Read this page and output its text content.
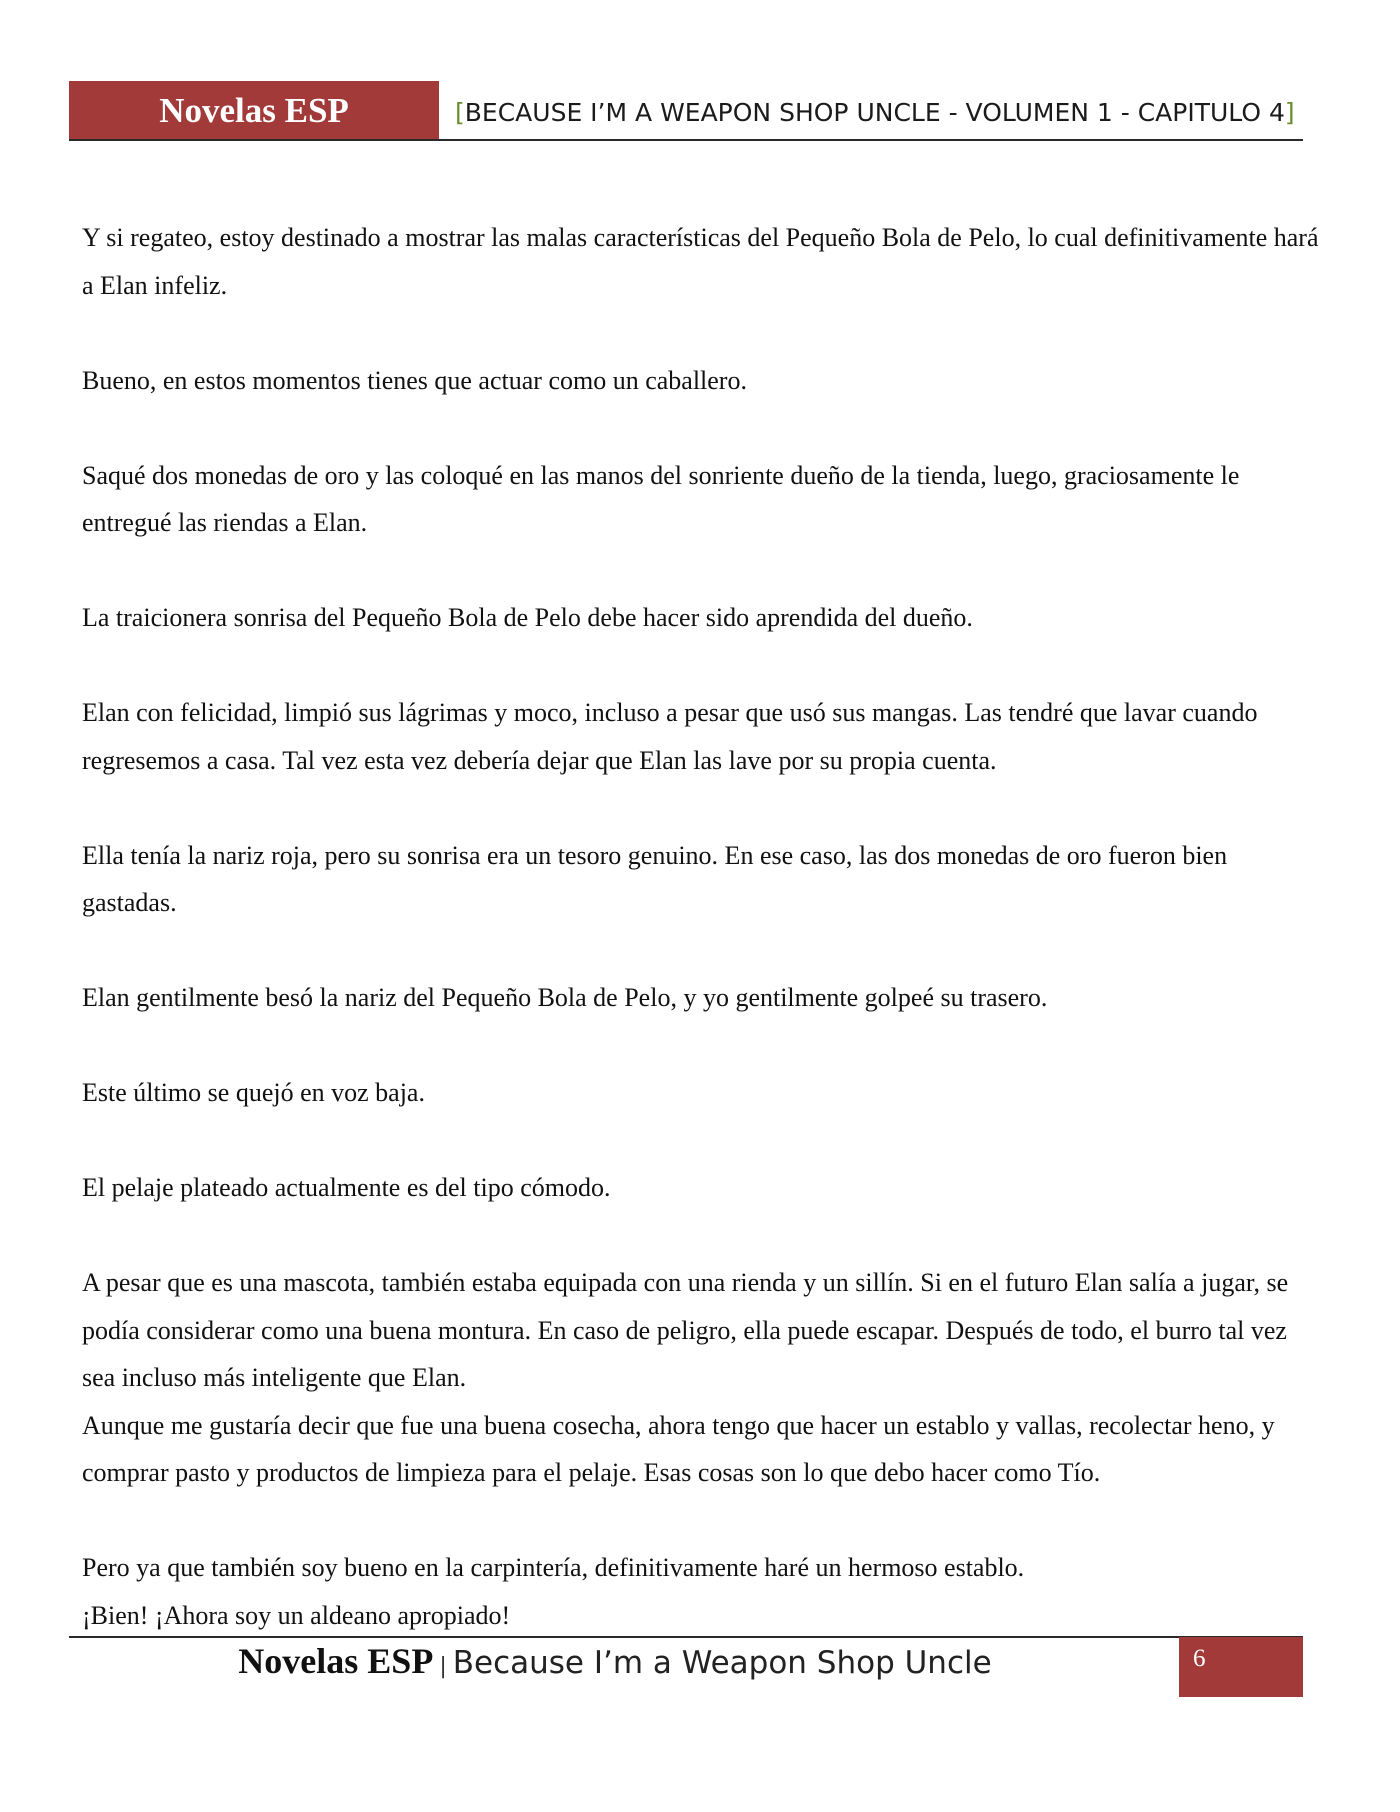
Novelas ESP	[BECAUSE I’M A WEAPON SHOP UNCLE - VOLUMEN 1 - CAPITULO 4]

Y si regateo, estoy destinado a mostrar las malas características del Pequeño Bola de Pelo, lo cual definitivamente hará a Elan infeliz.

Bueno, en estos momentos tienes que actuar como un caballero.

Saqué dos monedas de oro y las coloqué en las manos del sonriente dueño de la tienda, luego, graciosamente le entregué las riendas a Elan.

La traicionera sonrisa del Pequeño Bola de Pelo debe hacer sido aprendida del dueño.

Elan con felicidad, limpió sus lágrimas y moco, incluso a pesar que usó sus mangas. Las tendré que lavar cuando regresemos a casa. Tal vez esta vez debería dejar que Elan las lave por su propia cuenta.

Ella tenía la nariz roja, pero su sonrisa era un tesoro genuino. En ese caso, las dos monedas de oro fueron bien gastadas.

Elan gentilmente besó la nariz del Pequeño Bola de Pelo, y yo gentilmente golpeé su trasero.

Este último se quejó en voz baja.

El pelaje plateado actualmente es del tipo cómodo.

A pesar que es una mascota, también estaba equipada con una rienda y un sillín. Si en el futuro Elan salía a jugar, se podía considerar como una buena montura. En caso de peligro, ella puede escapar. Después de todo, el burro tal vez sea incluso más inteligente que Elan.

Aunque me gustaría decir que fue una buena cosecha, ahora tengo que hacer un establo y vallas, recolectar heno, y comprar pasto y productos de limpieza para el pelaje. Esas cosas son lo que debo hacer como Tío.

Pero ya que también soy bueno en la carpintería, definitivamente haré un hermoso establo.

¡Bien! ¡Ahora soy un aldeano apropiado!

Novelas ESP | Because I’m a Weapon Shop Uncle	6
